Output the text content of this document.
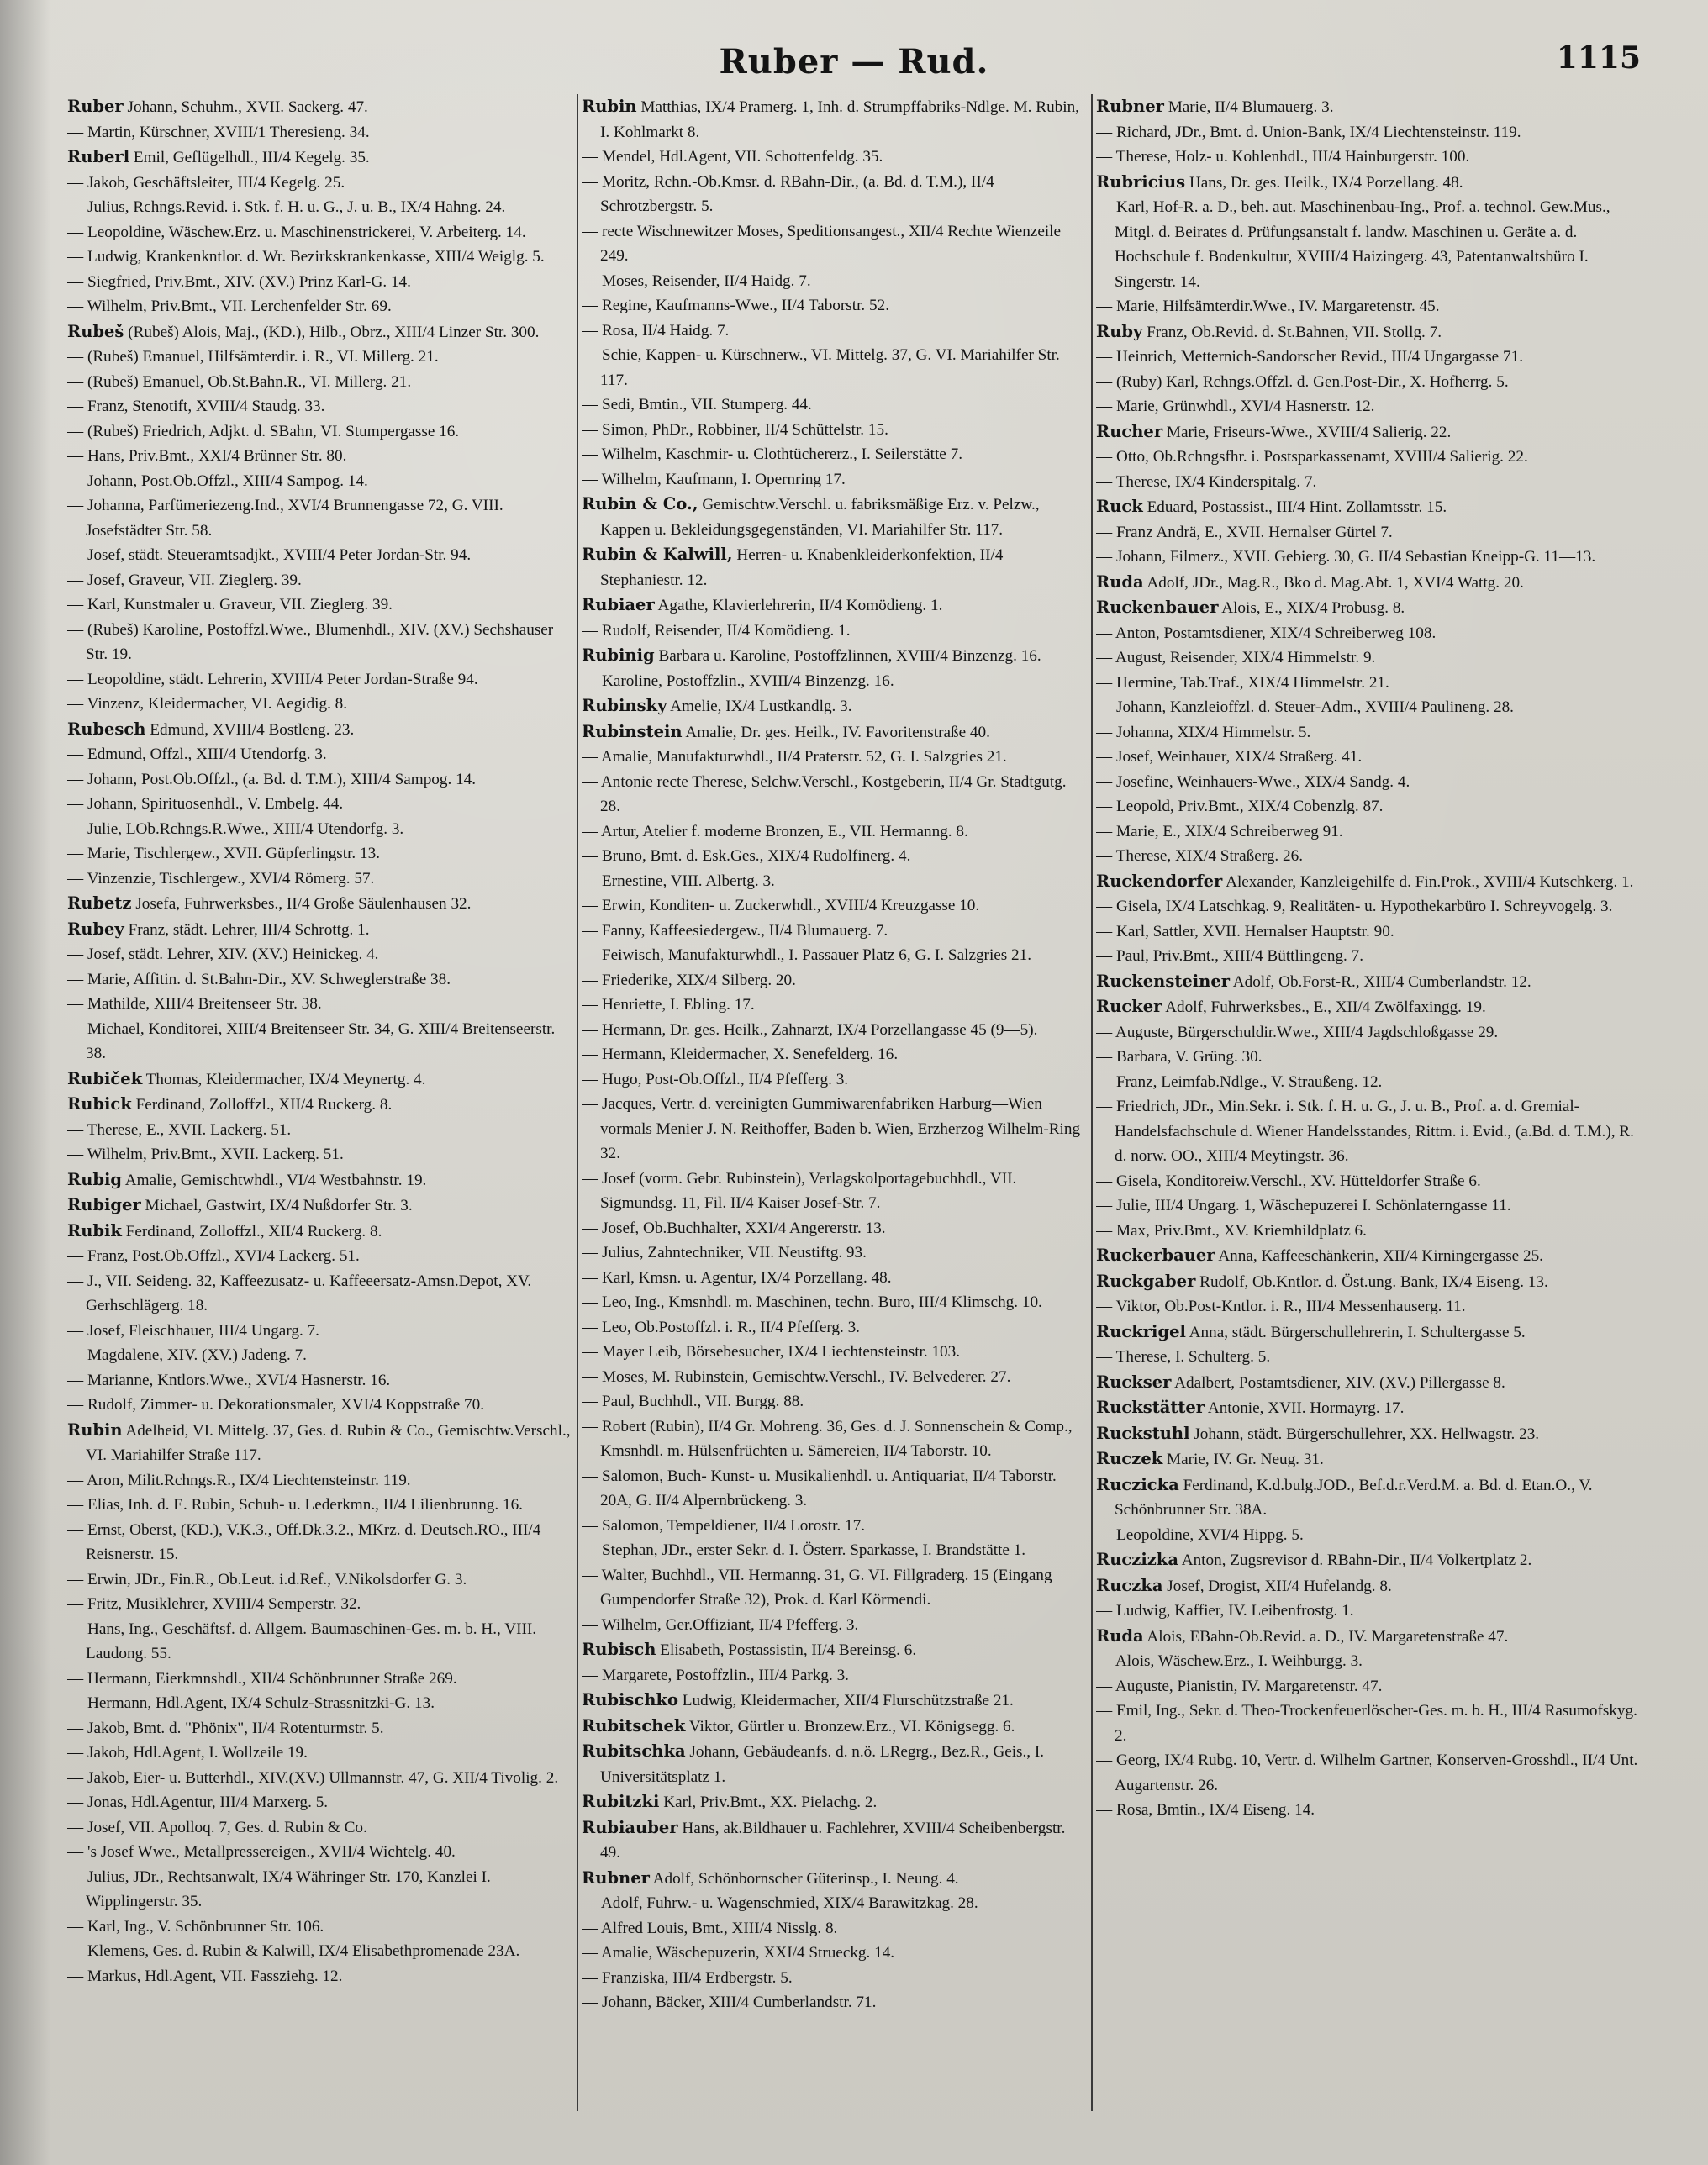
Ruber — Rud.	1115

Ruber Johann, Schuhm., XVII. Sackerg. 47.

— Martin, Kürschner, XVIII/1 Theresieng. 34.

Ruberl Emil, Geflügelhdl., III/4 Kegelg. 35.

— Jakob, Geschäftsleiter, III/4 Kegelg. 25.

— Julius, Rchngs.Revid. i. Stk. f. H. u. G., J. u. B., IX/4 Hahng. 24.

— Leopoldine, Wäschew.Erz. u. Maschinenstrickerei, V. Arbeiterg. 14.

— Ludwig, Krankenkntlor. d. Wr. Bezirkskrankenkasse, XIII/4 Weiglg. 5.

— Siegfried, Priv.Bmt., XIV. (XV.) Prinz Karl-G. 14.

— Wilhelm, Priv.Bmt., VII. Lerchenfelder Str. 69.

Rubeš (Rubeš) Alois, Maj., (KD.), Hilb., Obrz., XIII/4 Linzer Str. 300.

— (Rubeš) Emanuel, Hilfsämterdir. i. R., VI. Millerg. 21.

— (Rubeš) Emanuel, Ob.St.Bahn.R., VI. Millerg. 21.

— Franz, Stenotift, XVIII/4 Staudg. 33.

— (Rubeš) Friedrich, Adjkt. d. SBahn, VI. Stumpergasse 16.

— Hans, Priv.Bmt., XXI/4 Brünner Str. 80.

— Johann, Post.Ob.Offzl., XIII/4 Sampog. 14.

— Johanna, Parfümeriezeng.Ind., XVI/4 Brunnengasse 72, G. VIII. Josefstädter Str. 58.

— Josef, städt. Steueramtsadjkt., XVIII/4 Peter Jordan-Str. 94.

— Josef, Graveur, VII. Zieglerg. 39.

— Karl, Kunstmaler u. Graveur, VII. Zieglerg. 39.

— (Rubeš) Karoline, Postoffzl.Wwe., Blumenhdl., XIV. (XV.) Sechshauser Str. 19.

— Leopoldine, städt. Lehrerin, XVIII/4 Peter Jordan-Straße 94.

— Vinzenz, Kleidermacher, VI. Aegidig. 8.

Rubesch Edmund, XVIII/4 Bostleng. 23.

— Edmund, Offzl., XIII/4 Utendorfg. 3.

— Johann, Post.Ob.Offzl., (a. Bd. d. T.M.), XIII/4 Sampog. 14.

— Johann, Spirituosenhdl., V. Embelg. 44.

— Julie, LOb.Rchngs.R.Wwe., XIII/4 Utendorfg. 3.

— Marie, Tischlergew., XVII. Güpferlingstr. 13.

— Vinzenzie, Tischlergew., XVI/4 Römerg. 57.

Rubetz Josefa, Fuhrwerksbes., II/4 Große Säulenhausen 32.

Rubey Franz, städt. Lehrer, III/4 Schrottg. 1.

— Josef, städt. Lehrer, XIV. (XV.) Heinickeg. 4.

— Marie, Affitin. d. St.Bahn-Dir., XV. Schweglerstraße 38.

— Mathilde, XIII/4 Breitenseer Str. 38.

— Michael, Konditorei, XIII/4 Breitenseer Str. 34, G. XIII/4 Breitenseerstr. 38.

Rubiček Thomas, Kleidermacher, IX/4 Meynertg. 4.

Rubick Ferdinand, Zolloffzl., XII/4 Ruckerg. 8.

— Therese, E., XVII. Lackerg. 51.

— Wilhelm, Priv.Bmt., XVII. Lackerg. 51.

Rubig Amalie, Gemischtwhdl., VI/4 Westbahnstr. 19.

Rubiger Michael, Gastwirt, IX/4 Nußdorfer Str. 3.

Rubik Ferdinand, Zolloffzl., XII/4 Ruckerg. 8.

— Franz, Post.Ob.Offzl., XVI/4 Lackerg. 51.

— J., VII. Seideng. 32, Kaffeezusatz- u. Kaffeeersatz-Amsn.Depot, XV. Gerhschlägerg. 18.

— Josef, Fleischhauer, III/4 Ungarg. 7.

— Magdalene, XIV. (XV.) Jadeng. 7.

— Marianne, Kntlors.Wwe., XVI/4 Hasnerstr. 16.

— Rudolf, Zimmer- u. Dekorationsmaler, XVI/4 Koppstraße 70.

Rubin Adelheid, VI. Mittelg. 37, Ges. d. Rubin & Co., Gemischtw.Verschl., VI. Mariahilfer Straße 117.

— Aron, Milit.Rchngs.R., IX/4 Liechtensteinstr. 119.

— Elias, Inh. d. E. Rubin, Schuh- u. Lederkmn., II/4 Lilienbrunng. 16.

— Ernst, Oberst, (KD.), V.K.3., Off.Dk.3.2., MKrz. d. Deutsch.RO., III/4 Reisnerstr. 15.

— Erwin, JDr., Fin.R., Ob.Leut. i.d.Ref., V.Nikolsdorfer G. 3.

— Fritz, Musiklehrer, XVIII/4 Semperstr. 32.

— Hans, Ing., Geschäftsf. d. Allgem. Baumaschinen-Ges. m. b. H., VIII. Laudong. 55.

— Hermann, Eierkmnshdl., XII/4 Schönbrunner Straße 269.

— Hermann, Hdl.Agent, IX/4 Schulz-Strassnitzki-G. 13.

— Jakob, Bmt. d. "Phönix", II/4 Rotenturmstr. 5.

— Jakob, Hdl.Agent, I. Wollzeile 19.

— Jakob, Eier- u. Butterhdl., XIV.(XV.) Ullmannstr. 47, G. XII/4 Tivolig. 2.

— Jonas, Hdl.Agentur, III/4 Marxerg. 5.

— Josef, VII. Apolloq. 7, Ges. d. Rubin & Co.

— 's Josef Wwe., Metallpressereigen., XVII/4 Wichtelg. 40.

— Julius, JDr., Rechtsanwalt, IX/4 Währinger Str. 170, Kanzlei I. Wipplingerstr. 35.

— Karl, Ing., V. Schönbrunner Str. 106.

— Klemens, Ges. d. Rubin & Kalwill, IX/4 Elisabethpromenade 23A.

— Markus, Hdl.Agent, VII. Fassziehg. 12.

Rubin Matthias, IX/4 Pramerg. 1, Inh. d. Strumpffabriks-Ndlge. M. Rubin, I. Kohlmarkt 8.

— Mendel, Hdl.Agent, VII. Schottenfeldg. 35.

— Moritz, Rchn.-Ob.Kmsr. d. RBahn-Dir., (a. Bd. d. T.M.), II/4 Schrotzbergstr. 5.

— recte Wischnewitzer Moses, Speditionsangest., XII/4 Rechte Wienzeile 249.

— Moses, Reisender, II/4 Haidg. 7.

— Regine, Kaufmanns-Wwe., II/4 Taborstr. 52.

— Rosa, II/4 Haidg. 7.

— Schie, Kappen- u. Kürschnerw., VI. Mittelg. 37, G. VI. Mariahilfer Str. 117.

— Sedi, Bmtin., VII. Stumperg. 44.

— Simon, PhDr., Robbiner, II/4 Schüttelstr. 15.

— Wilhelm, Kaschmir- u. Clothtüchererz., I. Seilerstätte 7.

— Wilhelm, Kaufmann, I. Opernring 17.

Rubin & Co., Gemischtw.Verschl. u. fabriksmäßige Erz. v. Pelzw., Kappen u. Bekleidungsgegenständen, VI. Mariahilfer Str. 117.

Rubin & Kalwill, Herren- u. Knabenkleiderkonfektion, II/4 Stephaniestr. 12.

Rubiaer Agathe, Klavierlehrerin, II/4 Komödieng. 1.

— Rudolf, Reisender, II/4 Komödieng. 1.

Rubinig Barbara u. Karoline, Postoffzlinnen, XVIII/4 Binzenzg. 16.

— Karoline, Postoffzlin., XVIII/4 Binzenzg. 16.

Rubinsky Amelie, IX/4 Lustkandlg. 3.

Rubinstein Amalie, Dr. ges. Heilk., IV. Favoritenstraße 40.

— Amalie, Manufakturwhdl., II/4 Praterstr. 52, G. I. Salzgries 21.

— Antonie recte Therese, Selchw.Verschl., Kostgeberin, II/4 Gr. Stadtgutg. 28.

— Artur, Atelier f. moderne Bronzen, E., VII. Hermanng. 8.

— Bruno, Bmt. d. Esk.Ges., XIX/4 Rudolfinerg. 4.

— Ernestine, VIII. Albertg. 3.

— Erwin, Konditen- u. Zuckerwhdl., XVIII/4 Kreuzgasse 10.

— Fanny, Kaffeesiedergew., II/4 Blumauerg. 7.

— Feiwisch, Manufakturwhdl., I. Passauer Platz 6, G. I. Salzgries 21.

— Friederike, XIX/4 Silberg. 20.

— Henriette, I. Ebling. 17.

— Hermann, Dr. ges. Heilk., Zahnarzt, IX/4 Porzellangasse 45 (9—5).

— Hermann, Kleidermacher, X. Senefelderg. 16.

— Hugo, Post-Ob.Offzl., II/4 Pfefferg. 3.

— Jacques, Vertr. d. vereinigten Gummiwarenfabriken Harburg—Wien vormals Menier J. N. Reithoffer, Baden b. Wien, Erzherzog Wilhelm-Ring 32.

— Josef (vorm. Gebr. Rubinstein), Verlagskolportagebuchhdl., VII. Sigmundsg. 11, Fil. II/4 Kaiser Josef-Str. 7.

— Josef, Ob.Buchhalter, XXI/4 Angererstr. 13.

— Julius, Zahntechniker, VII. Neustiftg. 93.

— Karl, Kmsn. u. Agentur, IX/4 Porzellang. 48.

— Leo, Ing., Kmsnhdl. m. Maschinen, techn. Buro, III/4 Klimschg. 10.

— Leo, Ob.Postoffzl. i. R., II/4 Pfefferg. 3.

— Mayer Leib, Börsebesucher, IX/4 Liechtensteinstr. 103.

— Moses, M. Rubinstein, Gemischtw.Verschl., IV. Belvederег. 27.

— Paul, Buchhdl., VII. Burgg. 88.

— Robert (Rubin), II/4 Gr. Mohreng. 36, Ges. d. J. Sonnenschein & Comp., Kmsnhdl. m. Hülsenfrüchten u. Sämereien, II/4 Taborstr. 10.

— Salomon, Buch- Kunst- u. Musikalienhdl. u. Antiquariat, II/4 Taborstr. 20A, G. II/4 Alpernbrückeng. 3.

— Salomon, Tempeldiener, II/4 Lorostr. 17.

— Stephan, JDr., erster Sekr. d. I. Österr. Sparkasse, I. Brandstätte 1.

— Walter, Buchhdl., VII. Hermanng. 31, G. VI. Fillgraderg. 15 (Eingang Gumpendorfer Straße 32), Prok. d. Karl Körmendi.

— Wilhelm, Ger.Offiziant, II/4 Pfefferg. 3.

Rubisch Elisabeth, Postassistin, II/4 Bereinsg. 6.

— Margarete, Postoffzlin., III/4 Parkg. 3.

Rubischko Ludwig, Kleidermacher, XII/4 Flurschützstraße 21.

Rubitschek Viktor, Gürtler u. Bronzew.Erz., VI. Königsegg. 6.

Rubitschka Johann, Gebäudeanfs. d. n.ö. LRegrg., Bez.R., Geis., I. Universitätsplatz 1.

Rubitzki Karl, Priv.Bmt., XX. Pielachg. 2.

Rubiauber Hans, ak.Bildhauer u. Fachlehrer, XVIII/4 Scheibenbergstr. 49.

Rubner Adolf, Schönbornscher Güterinsp., I. Neung. 4.

— Adolf, Fuhrw.- u. Wagenschmied, XIX/4 Barawitzkag. 28.

— Alfred Louis, Bmt., XIII/4 Nisslg. 8.

— Amalie, Wäschepuzerin, XXI/4 Strueckg. 14.

— Franziska, III/4 Erdbergstr. 5.

— Johann, Bäcker, XIII/4 Cumberlandstr. 71.

Rubner Marie, II/4 Blumauerg. 3.

— Richard, JDr., Bmt. d. Union-Bank, IX/4 Liechtensteinstr. 119.

— Therese, Holz- u. Kohlenhdl., III/4 Hainburgerstr. 100.

Rubricius Hans, Dr. ges. Heilk., IX/4 Porzellang. 48.

— Karl, Hof-R. a. D., beh. aut. Maschinenbau-Ing., Prof. a. technol. Gew.Mus., Mitgl. d. Beirates d. Prüfungsanstalt f. landw. Maschinen u. Geräte a. d. Hochschule f. Bodenkultur, XVIII/4 Haizingerg. 43, Patentanwaltsbüro I. Singerstr. 14.

— Marie, Hilfsämterdir.Wwe., IV. Margaretenstr. 45.

Ruby Franz, Ob.Revid. d. St.Bahnen, VII. Stollg. 7.

— Heinrich, Metternich-Sandorscher Revid., III/4 Ungargasse 71.

— (Ruby) Karl, Rchngs.Offzl. d. Gen.Post-Dir., X. Hofherrg. 5.

— Marie, Grünwhdl., XVI/4 Hasnerstr. 12.

Rucher Marie, Friseurs-Wwe., XVIII/4 Salierig. 22.

— Otto, Ob.Rchngsfhr. i. Postsparkassenamt, XVIII/4 Salierig. 22.

— Therese, IX/4 Kinderspitalg. 7.

Ruck Eduard, Postassist., III/4 Hint. Zollamtsstr. 15.

— Franz Andrä, E., XVII. Hernalser Gürtel 7.

— Johann, Filmerz., XVII. Gebierg. 30, G. II/4 Sebastian Kneipp-G. 11—13.

Ruda Adolf, JDr., Mag.R., Bko d. Mag.Abt. 1, XVI/4 Wattg. 20.

Ruckenbauer Alois, E., XIX/4 Probusg. 8.

— Anton, Postamtsdiener, XIX/4 Schreiberweg 108.

— August, Reisender, XIX/4 Himmelstr. 9.

— Hermine, Tab.Traf., XIX/4 Himmelstr. 21.

— Johann, Kanzleioffzl. d. Steuer-Adm., XVIII/4 Paulineng. 28.

— Johanna, XIX/4 Himmelstr. 5.

— Josef, Weinhauer, XIX/4 Straßerg. 41.

— Josefine, Weinhauers-Wwe., XIX/4 Sandg. 4.

— Leopold, Priv.Bmt., XIX/4 Cobenzlg. 87.

— Marie, E., XIX/4 Schreiberweg 91.

— Therese, XIX/4 Straßerg. 26.

Ruckendorfer Alexander, Kanzleigehilfe d. Fin.Prok., XVIII/4 Kutschkerg. 1.

— Gisela, IX/4 Latschkag. 9, Realitäten- u. Hypothekarbüro I. Schreyvogelg. 3.

— Karl, Sattler, XVII. Hernalser Hauptstr. 90.

— Paul, Priv.Bmt., XIII/4 Büttlingeng. 7.

Ruckensteiner Adolf, Ob.Forst-R., XIII/4 Cumberlandstr. 12.

Rucker Adolf, Fuhrwerksbes., E., XII/4 Zwölfaxingg. 19.

— Auguste, Bürgerschuldir.Wwe., XIII/4 Jagdschloßgasse 29.

— Barbara, V. Grüng. 30.

— Franz, Leimfab.Ndlge., V. Straußeng. 12.

— Friedrich, JDr., Min.Sekr. i. Stk. f. H. u. G., J. u. B., Prof. a. d. Gremial-Handelsfachschule d. Wiener Handelsstandes, Rittm. i. Evid., (a.Bd. d. T.M.), R. d. norw. OO., XIII/4 Meytingstr. 36.

— Gisela, Konditoreiw.Verschl., XV. Hütteldorfer Straße 6.

— Julie, III/4 Ungarg. 1, Wäschepuzerei I. Schönlaterngasse 11.

— Max, Priv.Bmt., XV. Kriemhildplatz 6.

Ruckerbauer Anna, Kaffeeschänkerin, XII/4 Kirningergasse 25.

Ruckgaber Rudolf, Ob.Kntlor. d. Öst.ung. Bank, IX/4 Eiseng. 13.

— Viktor, Ob.Post-Kntlor. i. R., III/4 Messenhauserg. 11.

Ruckrigel Anna, städt. Bürgerschullehrerin, I. Schultergasse 5.

— Therese, I. Schulterg. 5.

Ruckser Adalbert, Postamtsdiener, XIV. (XV.) Pillergasse 8.

Ruckstätter Antonie, XVII. Hormayrg. 17.

Ruckstuhl Johann, städt. Bürgerschullehrer, XX. Hellwagstr. 23.

Ruczek Marie, IV. Gr. Neug. 31.

Ruczicka Ferdinand, K.d.bulg.JOD., Bef.d.r.Verd.M. a. Bd. d. Etan.O., V. Schönbrunner Str. 38A.

— Leopoldine, XVI/4 Hippg. 5.

Ruczizka Anton, Zugsrevisor d. RBahn-Dir., II/4 Volkertplatz 2.

Ruczka Josef, Drogist, XII/4 Hufelandg. 8.

— Ludwig, Kaffier, IV. Leibenfrostg. 1.

Ruda Alois, EBahn-Ob.Revid. a. D., IV. Margaretenstraße 47.

— Alois, Wäschew.Erz., I. Weihburgg. 3.

— Auguste, Pianistin, IV. Margaretenstr. 47.

— Emil, Ing., Sekr. d. Theo-Trockenfeuerlöscher-Ges. m. b. H., III/4 Rasumofskyg. 2.

— Georg, IX/4 Rubg. 10, Vertr. d. Wilhelm Gartner, Konserven-Grosshdl., II/4 Unt. Augartenstr. 26.

— Rosa, Bmtin., IX/4 Eiseng. 14.
